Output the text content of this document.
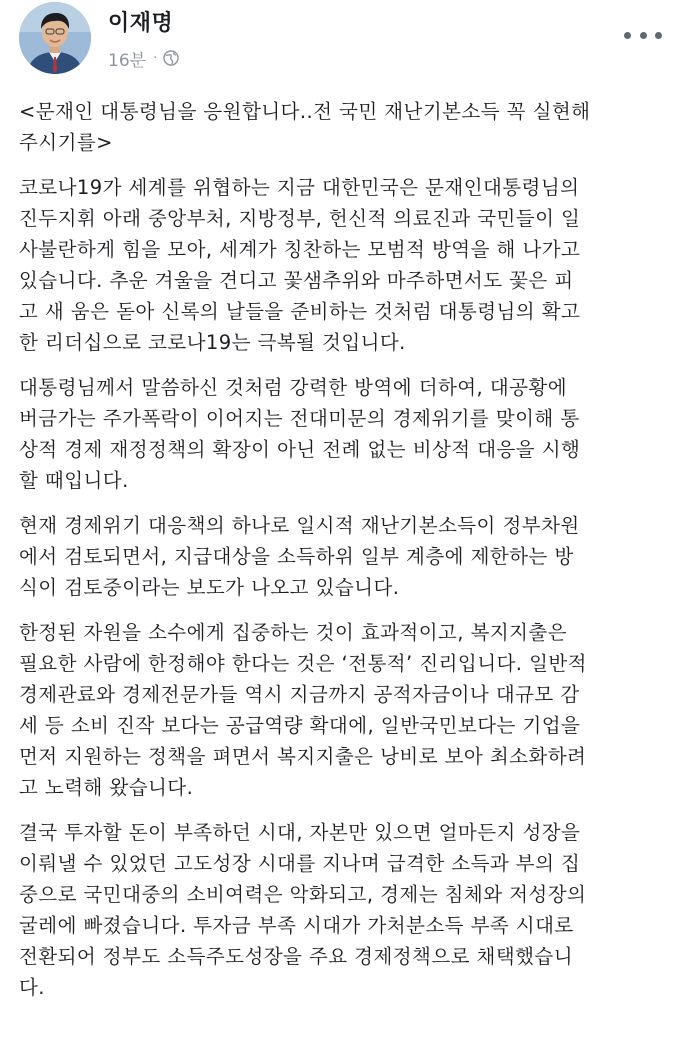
이재명
16분 ·
<문재인 대통령님을 응원합니다..전 국민 재난기본소득 꼭 실현해
주시기를>
코로나19가 세계를 위협하는 지금 대한민국은 문재인대통령님의
진두지휘 아래 중앙부처, 지방정부, 헌신적 의료진과 국민들이 일
사불란하게 힘을 모아, 세계가 칭찬하는 모범적 방역을 해 나가고
있습니다. 추운 겨울을 견디고 꽃샘추위와 마주하면서도 꽃은 피
고 새 움은 돋아 신록의 날들을 준비하는 것처럼 대통령님의 확고
한 리더십으로 코로나19는 극복될 것입니다.
대통령님께서 말씀하신 것처럼 강력한 방역에 더하여, 대공황에
버금가는 주가폭락이 이어지는 전대미문의 경제위기를 맞이해 통
상적 경제 재정정책의 확장이 아닌 전례 없는 비상적 대응을 시행
할 때입니다.
현재 경제위기 대응책의 하나로 일시적 재난기본소득이 정부차원
에서 검토되면서, 지급대상을 소득하위 일부 계층에 제한하는 방
식이 검토중이라는 보도가 나오고 있습니다.
한정된 자원을 소수에게 집중하는 것이 효과적이고, 복지지출은
필요한 사람에 한정해야 한다는 것은 ‘전통적’ 진리입니다. 일반적
경제관료와 경제전문가들 역시 지금까지 공적자금이나 대규모 감
세 등 소비 진작 보다는 공급역량 확대에, 일반국민보다는 기업을
먼저 지원하는 정책을 펴면서 복지지출은 낭비로 보아 최소화하려
고 노력해 왔습니다.
결국 투자할 돈이 부족하던 시대, 자본만 있으면 얼마든지 성장을
이뤄낼 수 있었던 고도성장 시대를 지나며 급격한 소득과 부의 집
중으로 국민대중의 소비여력은 악화되고, 경제는 침체와 저성장의
굴레에 빠졌습니다. 투자금 부족 시대가 가처분소득 부족 시대로
전환되어 정부도 소득주도성장을 주요 경제정책으로 채택했습니
다.
